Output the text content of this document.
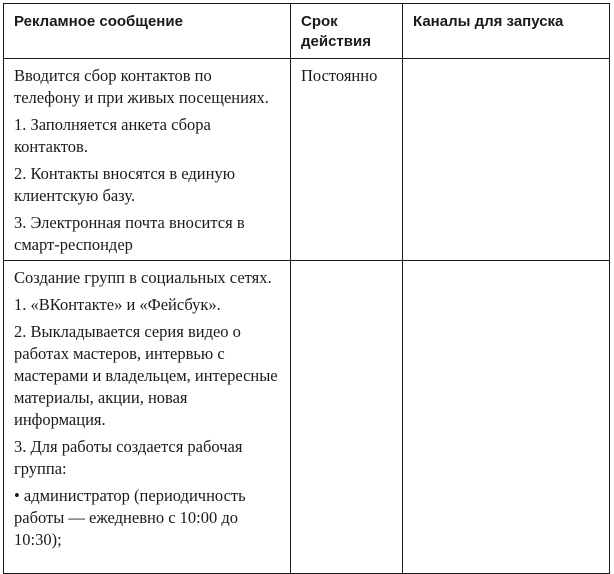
Рекламное сообщение	Срок действия	Каналы для запуска

Вводится сбор контактов по телефону и при живых посещениях.

1. Заполняется анкета сбора контактов.

2. Контакты вносятся в единую клиентскую базу.

3. Электронная почта вносится в смарт-респондер	Постоянно	

Создание групп в социальных сетях.

1. «ВКонтакте» и «Фейсбук».

2. Выкладывается серия видео о работах мастеров, интервью с мастерами и владельцем, интересные материалы, акции, новая информация.

3. Для работы создается рабочая группа:

• администратор (периодичность работы — ежедневно с 10:00 до 10:30);		
